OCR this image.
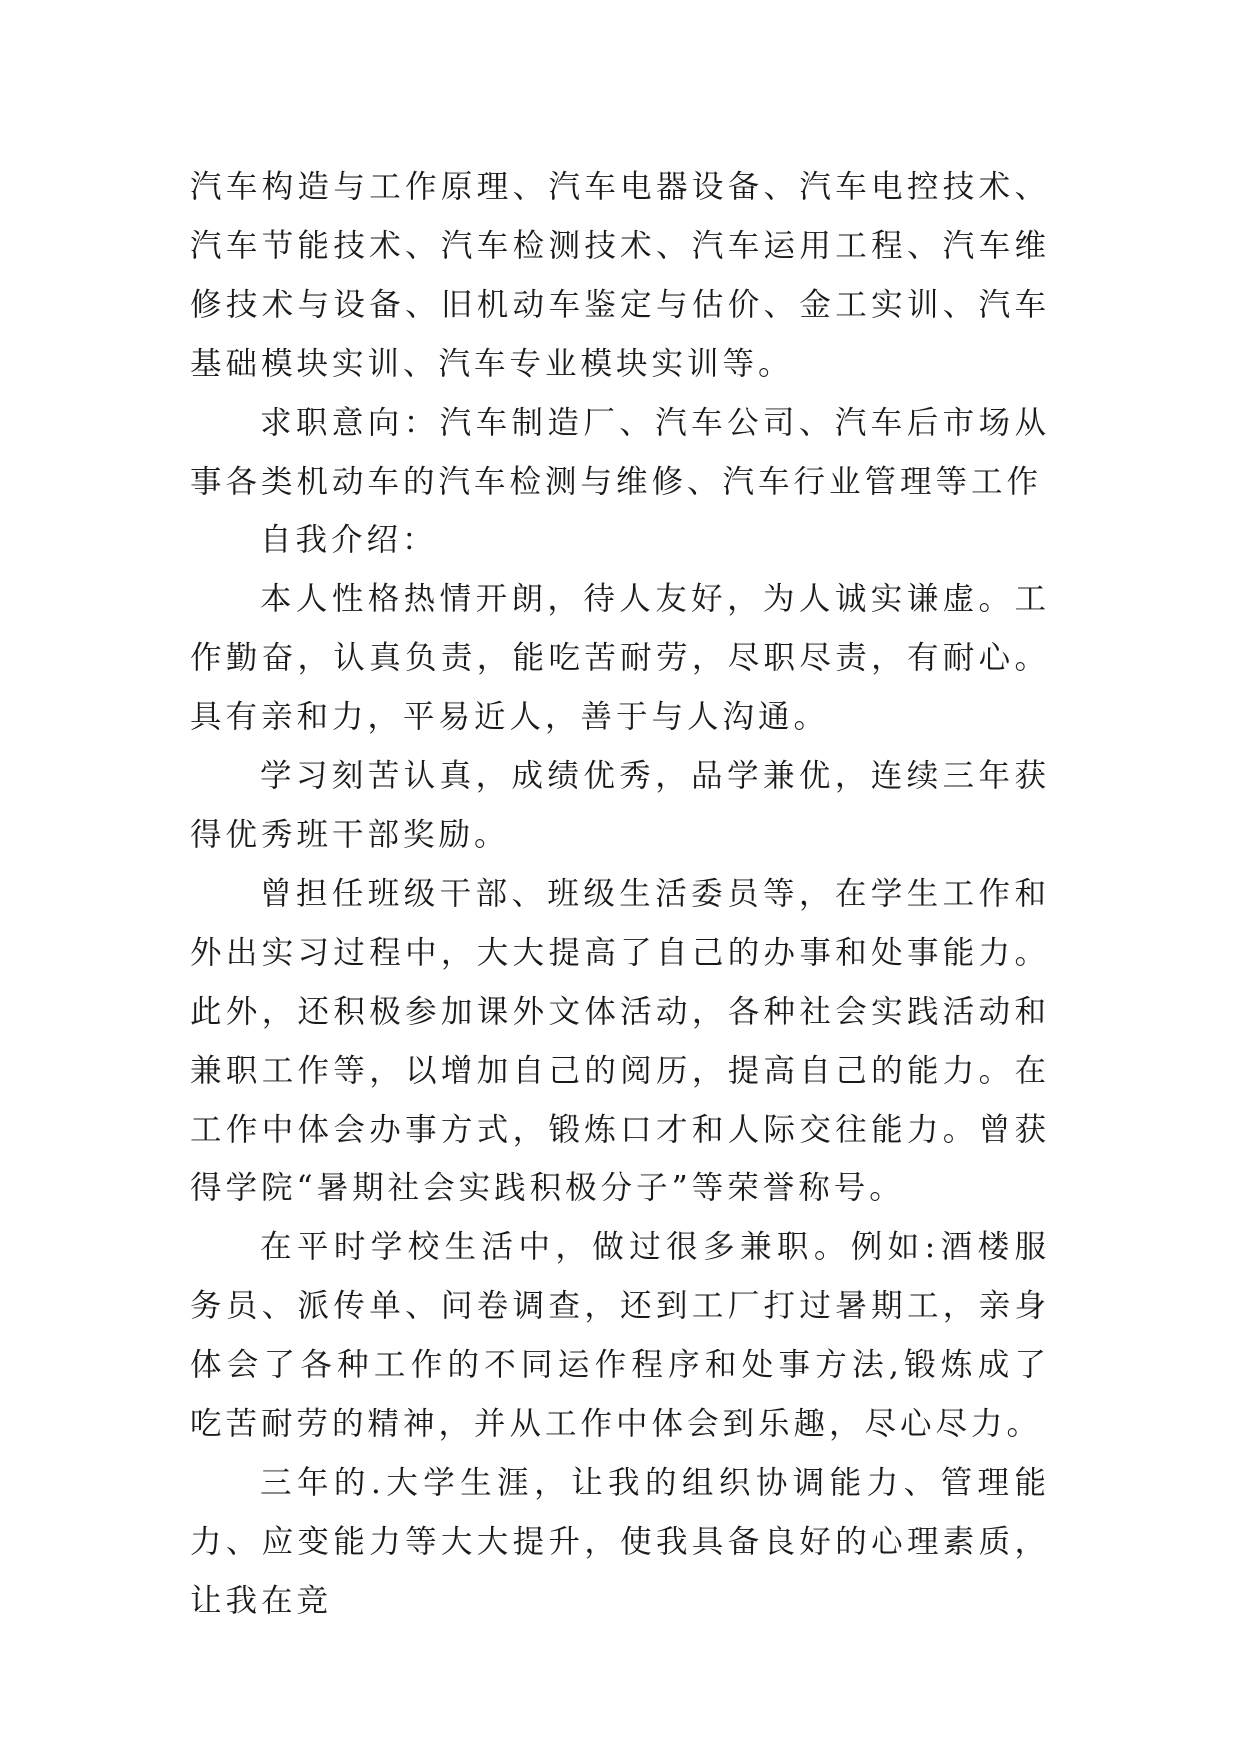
汽车构造与工作原理、汽车电器设备、汽车电控技术、汽车节能技术、汽车检测技术、汽车运用工程、汽车维修技术与设备、旧机动车鉴定与估价、金工实训、汽车基础模块实训、汽车专业模块实训等。

求职意向：汽车制造厂、汽车公司、汽车后市场从事各类机动车的汽车检测与维修、汽车行业管理等工作

自我介绍：

本人性格热情开朗，待人友好，为人诚实谦虚。工作勤奋，认真负责，能吃苦耐劳，尽职尽责，有耐心。具有亲和力，平易近人，善于与人沟通。

学习刻苦认真，成绩优秀，品学兼优，连续三年获得优秀班干部奖励。

曾担任班级干部、班级生活委员等，在学生工作和外出实习过程中，大大提高了自己的办事和处事能力。此外，还积极参加课外文体活动，各种社会实践活动和兼职工作等，以增加自己的阅历，提高自己的能力。在工作中体会办事方式，锻炼口才和人际交往能力。曾获得学院“暑期社会实践积极分子”等荣誉称号。

在平时学校生活中，做过很多兼职。例如:酒楼服务员、派传单、问卷调查，还到工厂打过暑期工，亲身体会了各种工作的不同运作程序和处事方法,锻炼成了吃苦耐劳的精神，并从工作中体会到乐趣，尽心尽力。

三年的.大学生涯，让我的组织协调能力、管理能力、应变能力等大大提升，使我具备良好的心理素质，让我在竞
